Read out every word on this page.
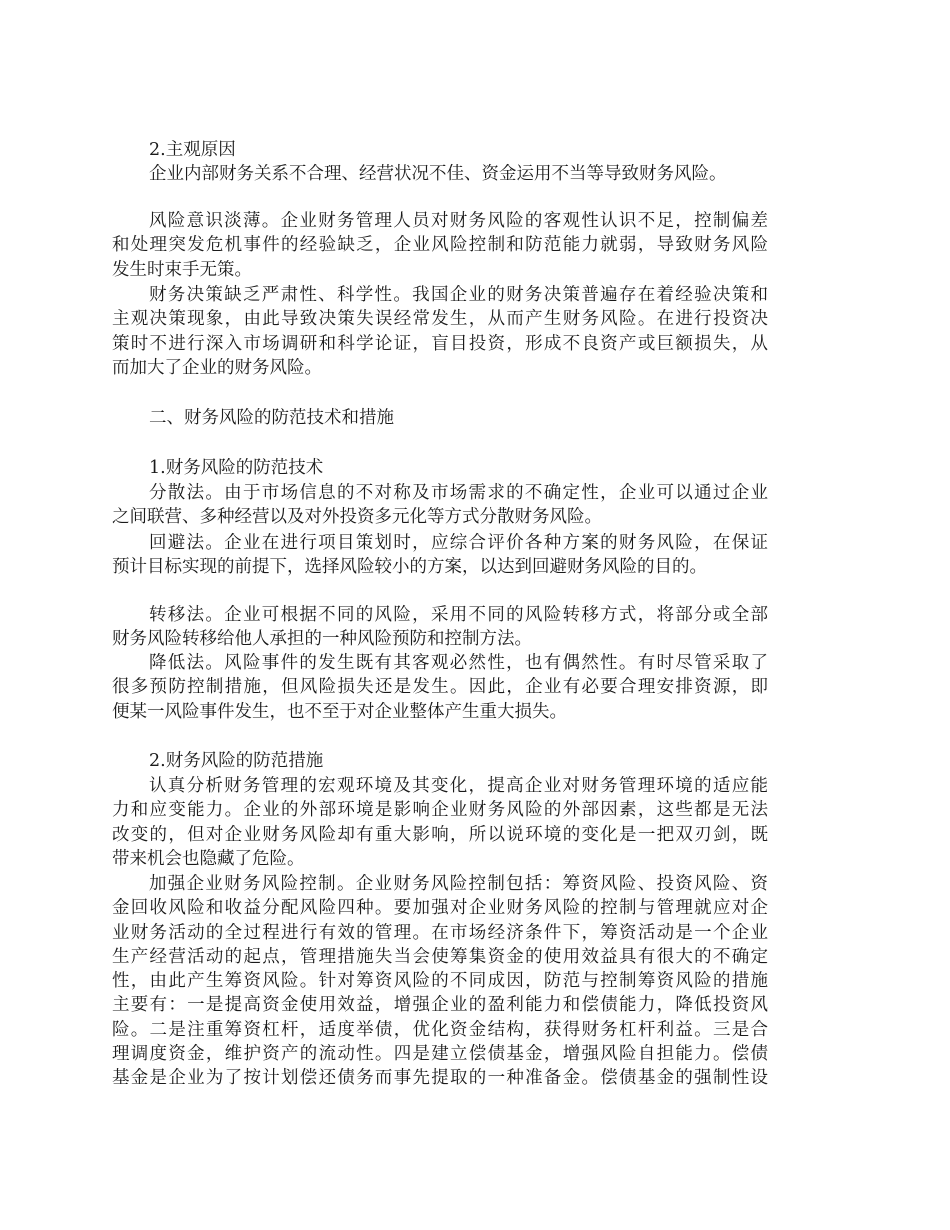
2.主观原因
企业内部财务关系不合理、经营状况不佳、资金运用不当等导致财务风险。
风险意识淡薄。企业财务管理人员对财务风险的客观性认识不足，控制偏差
和处理突发危机事件的经验缺乏，企业风险控制和防范能力就弱，导致财务风险
发生时束手无策。
财务决策缺乏严肃性、科学性。我国企业的财务决策普遍存在着经验决策和
主观决策现象，由此导致决策失误经常发生，从而产生财务风险。在进行投资决
策时不进行深入市场调研和科学论证，盲目投资，形成不良资产或巨额损失，从
而加大了企业的财务风险。
二、财务风险的防范技术和措施
1.财务风险的防范技术
分散法。由于市场信息的不对称及市场需求的不确定性，企业可以通过企业
之间联营、多种经营以及对外投资多元化等方式分散财务风险。
回避法。企业在进行项目策划时，应综合评价各种方案的财务风险，在保证
预计目标实现的前提下，选择风险较小的方案，以达到回避财务风险的目的。
转移法。企业可根据不同的风险，采用不同的风险转移方式，将部分或全部
财务风险转移给他人承担的一种风险预防和控制方法。
降低法。风险事件的发生既有其客观必然性，也有偶然性。有时尽管采取了
很多预防控制措施，但风险损失还是发生。因此，企业有必要合理安排资源，即
便某一风险事件发生，也不至于对企业整体产生重大损失。
2.财务风险的防范措施
认真分析财务管理的宏观环境及其变化，提高企业对财务管理环境的适应能
力和应变能力。企业的外部环境是影响企业财务风险的外部因素，这些都是无法
改变的，但对企业财务风险却有重大影响，所以说环境的变化是一把双刃剑，既
带来机会也隐藏了危险。
加强企业财务风险控制。企业财务风险控制包括：筹资风险、投资风险、资
金回收风险和收益分配风险四种。要加强对企业财务风险的控制与管理就应对企
业财务活动的全过程进行有效的管理。在市场经济条件下，筹资活动是一个企业
生产经营活动的起点，管理措施失当会使筹集资金的使用效益具有很大的不确定
性，由此产生筹资风险。针对筹资风险的不同成因，防范与控制筹资风险的措施
主要有：一是提高资金使用效益，增强企业的盈利能力和偿债能力，降低投资风
险。二是注重筹资杠杆，适度举债，优化资金结构，获得财务杠杆利益。三是合
理调度资金，维护资产的流动性。四是建立偿债基金，增强风险自担能力。偿债
基金是企业为了按计划偿还债务而事先提取的一种准备金。偿债基金的强制性设
